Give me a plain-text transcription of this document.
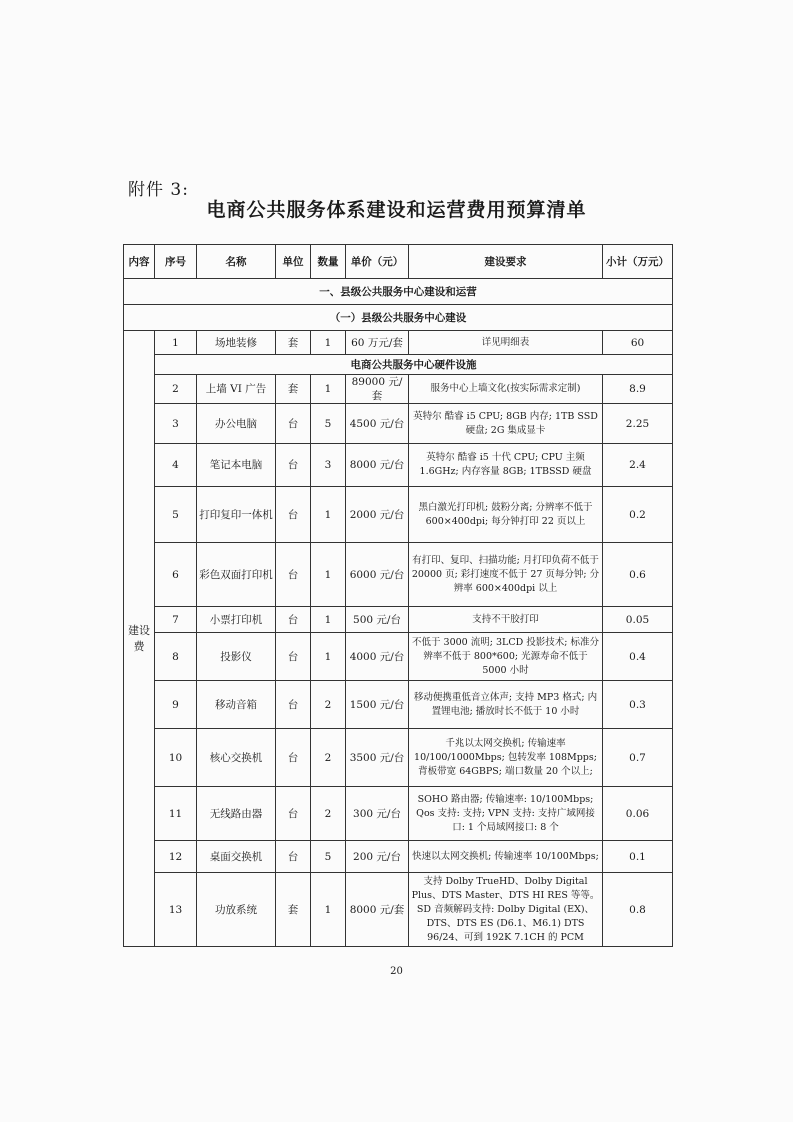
附件 3:
电商公共服务体系建设和运营费用预算清单
内容	序号	名称	单位	数量	单价（元）	建设要求	小计（万元）
一、县级公共服务中心建设和运营							
（一）县级公共服务中心建设							
建设费	1	场地装修	套	1	60 万元/套	详见明细表	60
	电商公共服务中心硬件设施						
	2	上墙 VI 广告	套	1	89000 元/套	服务中心上墙文化(按实际需求定制)	8.9
	3	办公电脑	台	5	4500 元/台	英特尔 酷睿 i5 CPU; 8GB 内存; 1TB SSD 硬盘; 2G 集成显卡	2.25
	4	笔记本电脑	台	3	8000 元/台	英特尔 酷睿 i5 十代 CPU; CPU 主频 1.6GHz; 内存容量 8GB; 1TBSSD 硬盘	2.4
	5	打印复印一体机	台	1	2000 元/台	黑白激光打印机; 鼓粉分离; 分辨率不低于 600×400dpi; 每分钟打印 22 页以上	0.2
	6	彩色双面打印机	台	1	6000 元/台	有打印、复印、扫描功能; 月打印负荷不低于 20000 页; 彩打速度不低于 27 页每分钟; 分辨率 600×400dpi 以上	0.6
	7	小票打印机	台	1	500 元/台	支持不干胶打印	0.05
	8	投影仪	台	1	4000 元/台	不低于 3000 流明; 3LCD 投影技术; 标准分辨率不低于 800*600; 光源寿命不低于 5000 小时	0.4
	9	移动音箱	台	2	1500 元/台	移动便携重低音立体声; 支持 MP3 格式; 内置锂电池; 播放时长不低于 10 小时	0.3
	10	核心交换机	台	2	3500 元/台	千兆以太网交换机; 传输速率 10/100/1000Mbps; 包转发率 108Mpps; 背板带宽 64GBPS; 端口数量 20 个以上;	0.7
	11	无线路由器	台	2	300 元/台	SOHO 路由器; 传输速率: 10/100Mbps; Qos 支持: 支持; VPN 支持: 支持广域网接口: 1 个局域网接口: 8 个	0.06
	12	桌面交换机	台	5	200 元/台	快速以太网交换机; 传输速率 10/100Mbps;	0.1
	13	功放系统	套	1	8000 元/套	支持 Dolby TrueHD、Dolby Digital Plus、DTS Master、DTS HI RES 等等。SD 音频解码支持: Dolby Digital (EX)、DTS、DTS ES (D6.1、M6.1) DTS 96/24、可到 192K 7.1CH 的 PCM	0.8
20
